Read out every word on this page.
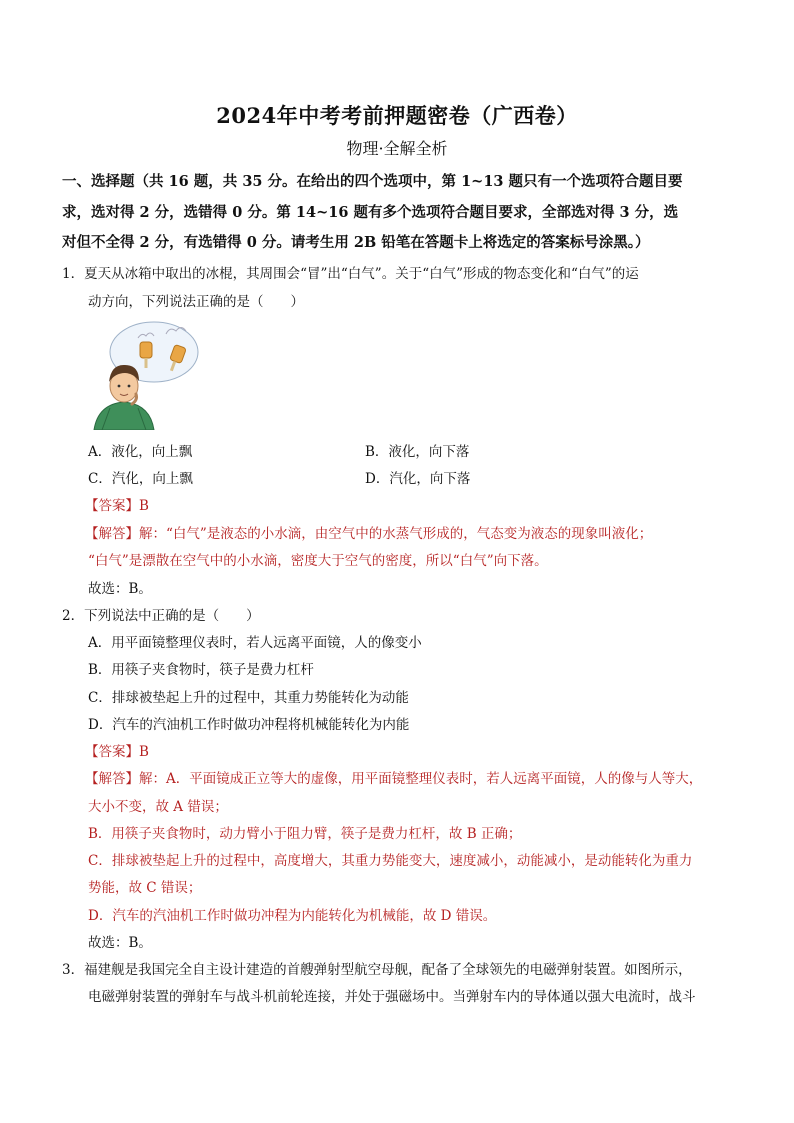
2024年中考考前押题密卷（广西卷）
物理·全解全析
一、选择题（共 16 题，共 35 分。在给出的四个选项中，第 1~13 题只有一个选项符合题目要
求，选对得 2 分，选错得 0 分。第 14~16 题有多个选项符合题目要求，全部选对得 3 分，选
对但不全得 2 分，有选错得 0 分。请考生用 2B 铅笔在答题卡上将选定的答案标号涂黑。）
1．夏天从冰箱中取出的冰棍，其周围会“冒”出“白气”。关于“白气”形成的物态变化和“白气”的运
动方向，下列说法正确的是（　　）
A．液化，向上飘	B．液化，向下落
C．汽化，向上飘	D．汽化，向下落
【答案】B
【解答】解：“白气”是液态的小水滴，由空气中的水蒸气形成的，气态变为液态的现象叫液化；
“白气”是漂散在空气中的小水滴，密度大于空气的密度，所以“白气”向下落。
故选：B。
2．下列说法中正确的是（　　）
A．用平面镜整理仪表时，若人远离平面镜，人的像变小
B．用筷子夹食物时，筷子是费力杠杆
C．排球被垫起上升的过程中，其重力势能转化为动能
D．汽车的汽油机工作时做功冲程将机械能转化为内能
【答案】B
【解答】解：A．平面镜成正立等大的虚像，用平面镜整理仪表时，若人远离平面镜，人的像与人等大，
大小不变，故 A 错误；
B．用筷子夹食物时，动力臂小于阻力臂，筷子是费力杠杆，故 B 正确；
C．排球被垫起上升的过程中，高度增大，其重力势能变大，速度减小，动能减小，是动能转化为重力
势能，故 C 错误；
D．汽车的汽油机工作时做功冲程为内能转化为机械能，故 D 错误。
故选：B。
3．福建舰是我国完全自主设计建造的首艘弹射型航空母舰，配备了全球领先的电磁弹射装置。如图所示，
电磁弹射装置的弹射车与战斗机前轮连接，并处于强磁场中。当弹射车内的导体通以强大电流时，战斗
